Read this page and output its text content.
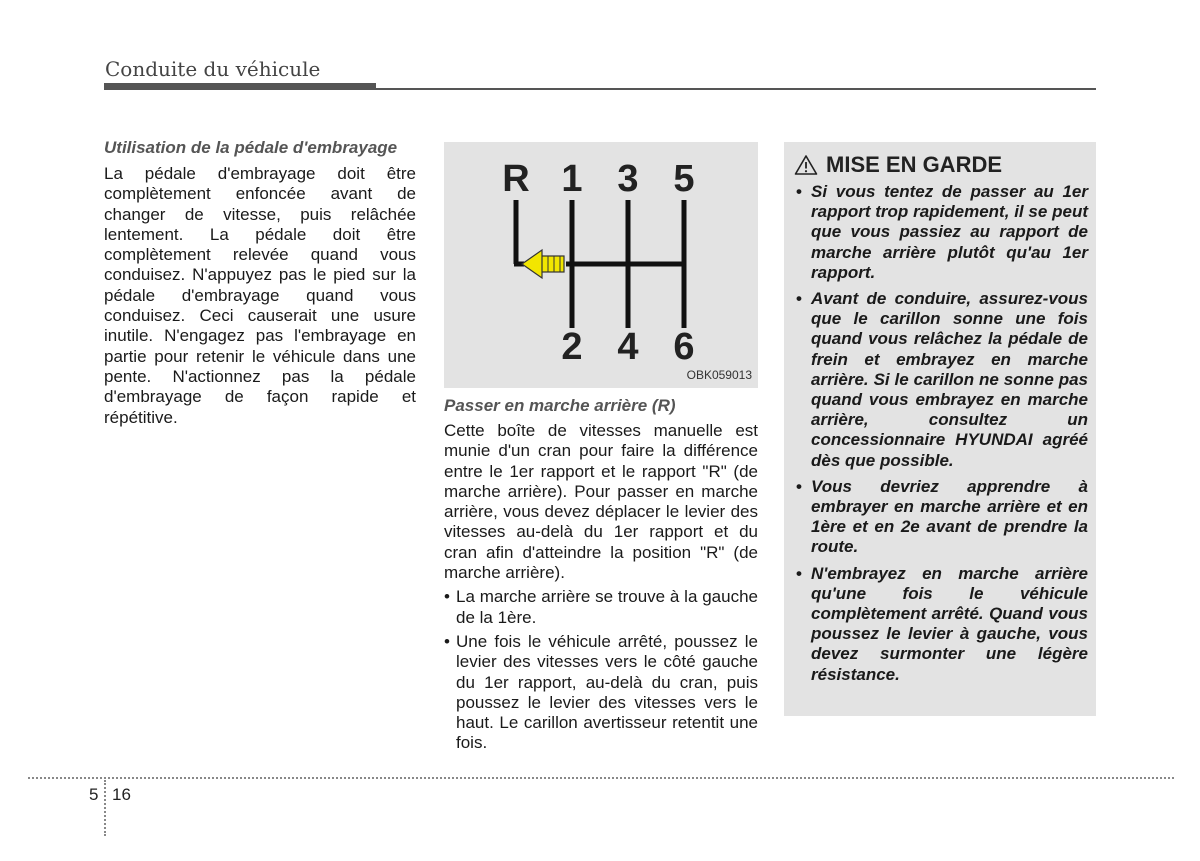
Conduite du véhicule

Utilisation de la pédale d'embrayage

La pédale d'embrayage doit être complètement enfoncée avant de changer de vitesse, puis relâchée lentement. La pédale doit être complètement relevée quand vous conduisez. N'appuyez pas le pied sur la pédale d'embrayage quand vous conduisez. Ceci causerait une usure inutile. N'engagez pas l'embrayage en partie pour retenir le véhicule dans une pente. N'actionnez pas la pédale d'embrayage de façon rapide et répétitive.

R 1 3 5
2 4 6
OBK059013

Passer en marche arrière (R)

Cette boîte de vitesses manuelle est munie d'un cran pour faire la différence entre le 1er rapport et le rapport "R" (de marche arrière). Pour passer en marche arrière, vous devez déplacer le levier des vitesses au-delà du 1er rapport et du cran afin d'atteindre la position "R" (de marche arrière).

• La marche arrière se trouve à la gauche de la 1ère.
• Une fois le véhicule arrêté, poussez le levier des vitesses vers le côté gauche du 1er rapport, au-delà du cran, puis poussez le levier des vitesses vers le haut. Le carillon avertisseur retentit une fois.
MISE EN GARDE
• Si vous tentez de passer au 1er rapport trop rapidement, il se peut que vous passiez au rapport de marche arrière plutôt qu'au 1er rapport.
• Avant de conduire, assurez-vous que le carillon sonne une fois quand vous relâchez la pédale de frein et embrayez en marche arrière. Si le carillon ne sonne pas quand vous embrayez en marche arrière, consultez un concessionnaire HYUNDAI agréé dès que possible.
• Vous devriez apprendre à embrayer en marche arrière et en 1ère et en 2e avant de prendre la route.
• N'embrayez en marche arrière qu'une fois le véhicule complètement arrêté. Quand vous poussez le levier à gauche, vous devez surmonter une légère résistance.
5 16
